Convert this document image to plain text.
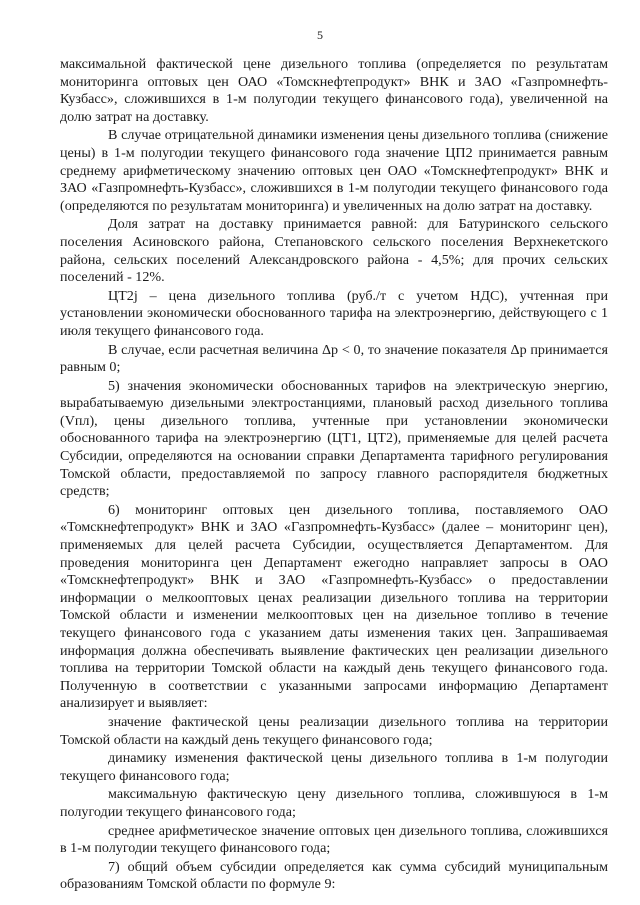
5

максимальной фактической цене дизельного топлива (определяется по результатам мониторинга оптовых цен ОАО «Томскнефтепродукт» ВНК и ЗАО «Газпромнефть-Кузбасс», сложившихся в 1-м полугодии текущего финансового года), увеличенной на долю затрат на доставку.

В случае отрицательной динамики изменения цены дизельного топлива (снижение цены) в 1-м полугодии текущего финансового года значение ЦП2 принимается равным среднему арифметическому значению оптовых цен ОАО «Томскнефтепродукт» ВНК и ЗАО «Газпромнефть-Кузбасс», сложившихся в 1-м полугодии текущего финансового года (определяются по результатам мониторинга) и увеличенных на долю затрат на доставку.

Доля затрат на доставку принимается равной: для Батуринского сельского поселения Асиновского района, Степановского сельского поселения Верхнекетского района, сельских поселений Александровского района - 4,5%; для прочих сельских поселений - 12%.

ЦТ2j – цена дизельного топлива (руб./т с учетом НДС), учтенная при установлении экономически обоснованного тарифа на электроэнергию, действующего с 1 июля текущего финансового года.

В случае, если расчетная величина Δр < 0, то значение показателя Δр принимается равным 0;

5) значения экономически обоснованных тарифов на электрическую энергию, вырабатываемую дизельными электростанциями, плановый расход дизельного топлива (Vпл), цены дизельного топлива, учтенные при установлении экономически обоснованного тарифа на электроэнергию (ЦТ1, ЦТ2), применяемые для целей расчета Субсидии, определяются на основании справки Департамента тарифного регулирования Томской области, предоставляемой по запросу главного распорядителя бюджетных средств;

6) мониторинг оптовых цен дизельного топлива, поставляемого ОАО «Томскнефтепродукт» ВНК и ЗАО «Газпромнефть-Кузбасс» (далее – мониторинг цен), применяемых для целей расчета Субсидии, осуществляется Департаментом. Для проведения мониторинга цен Департамент ежегодно направляет запросы в ОАО «Томскнефтепродукт» ВНК и ЗАО «Газпромнефть-Кузбасс» о предоставлении информации о мелкооптовых ценах реализации дизельного топлива на территории Томской области и изменении мелкооптовых цен на дизельное топливо в течение текущего финансового года с указанием даты изменения таких цен. Запрашиваемая информация должна обеспечивать выявление фактических цен реализации дизельного топлива на территории Томской области на каждый день текущего финансового года. Полученную в соответствии с указанными запросами информацию Департамент анализирует и выявляет:

значение фактической цены реализации дизельного топлива на территории Томской области на каждый день текущего финансового года;

динамику изменения фактической цены дизельного топлива в 1-м полугодии текущего финансового года;

максимальную фактическую цену дизельного топлива, сложившуюся в 1-м полугодии текущего финансового года;

среднее арифметическое значение оптовых цен дизельного топлива, сложившихся в 1-м полугодии текущего финансового года;

7) общий объем субсидии определяется как сумма субсидий муниципальным образованиям Томской области по формуле 9:
